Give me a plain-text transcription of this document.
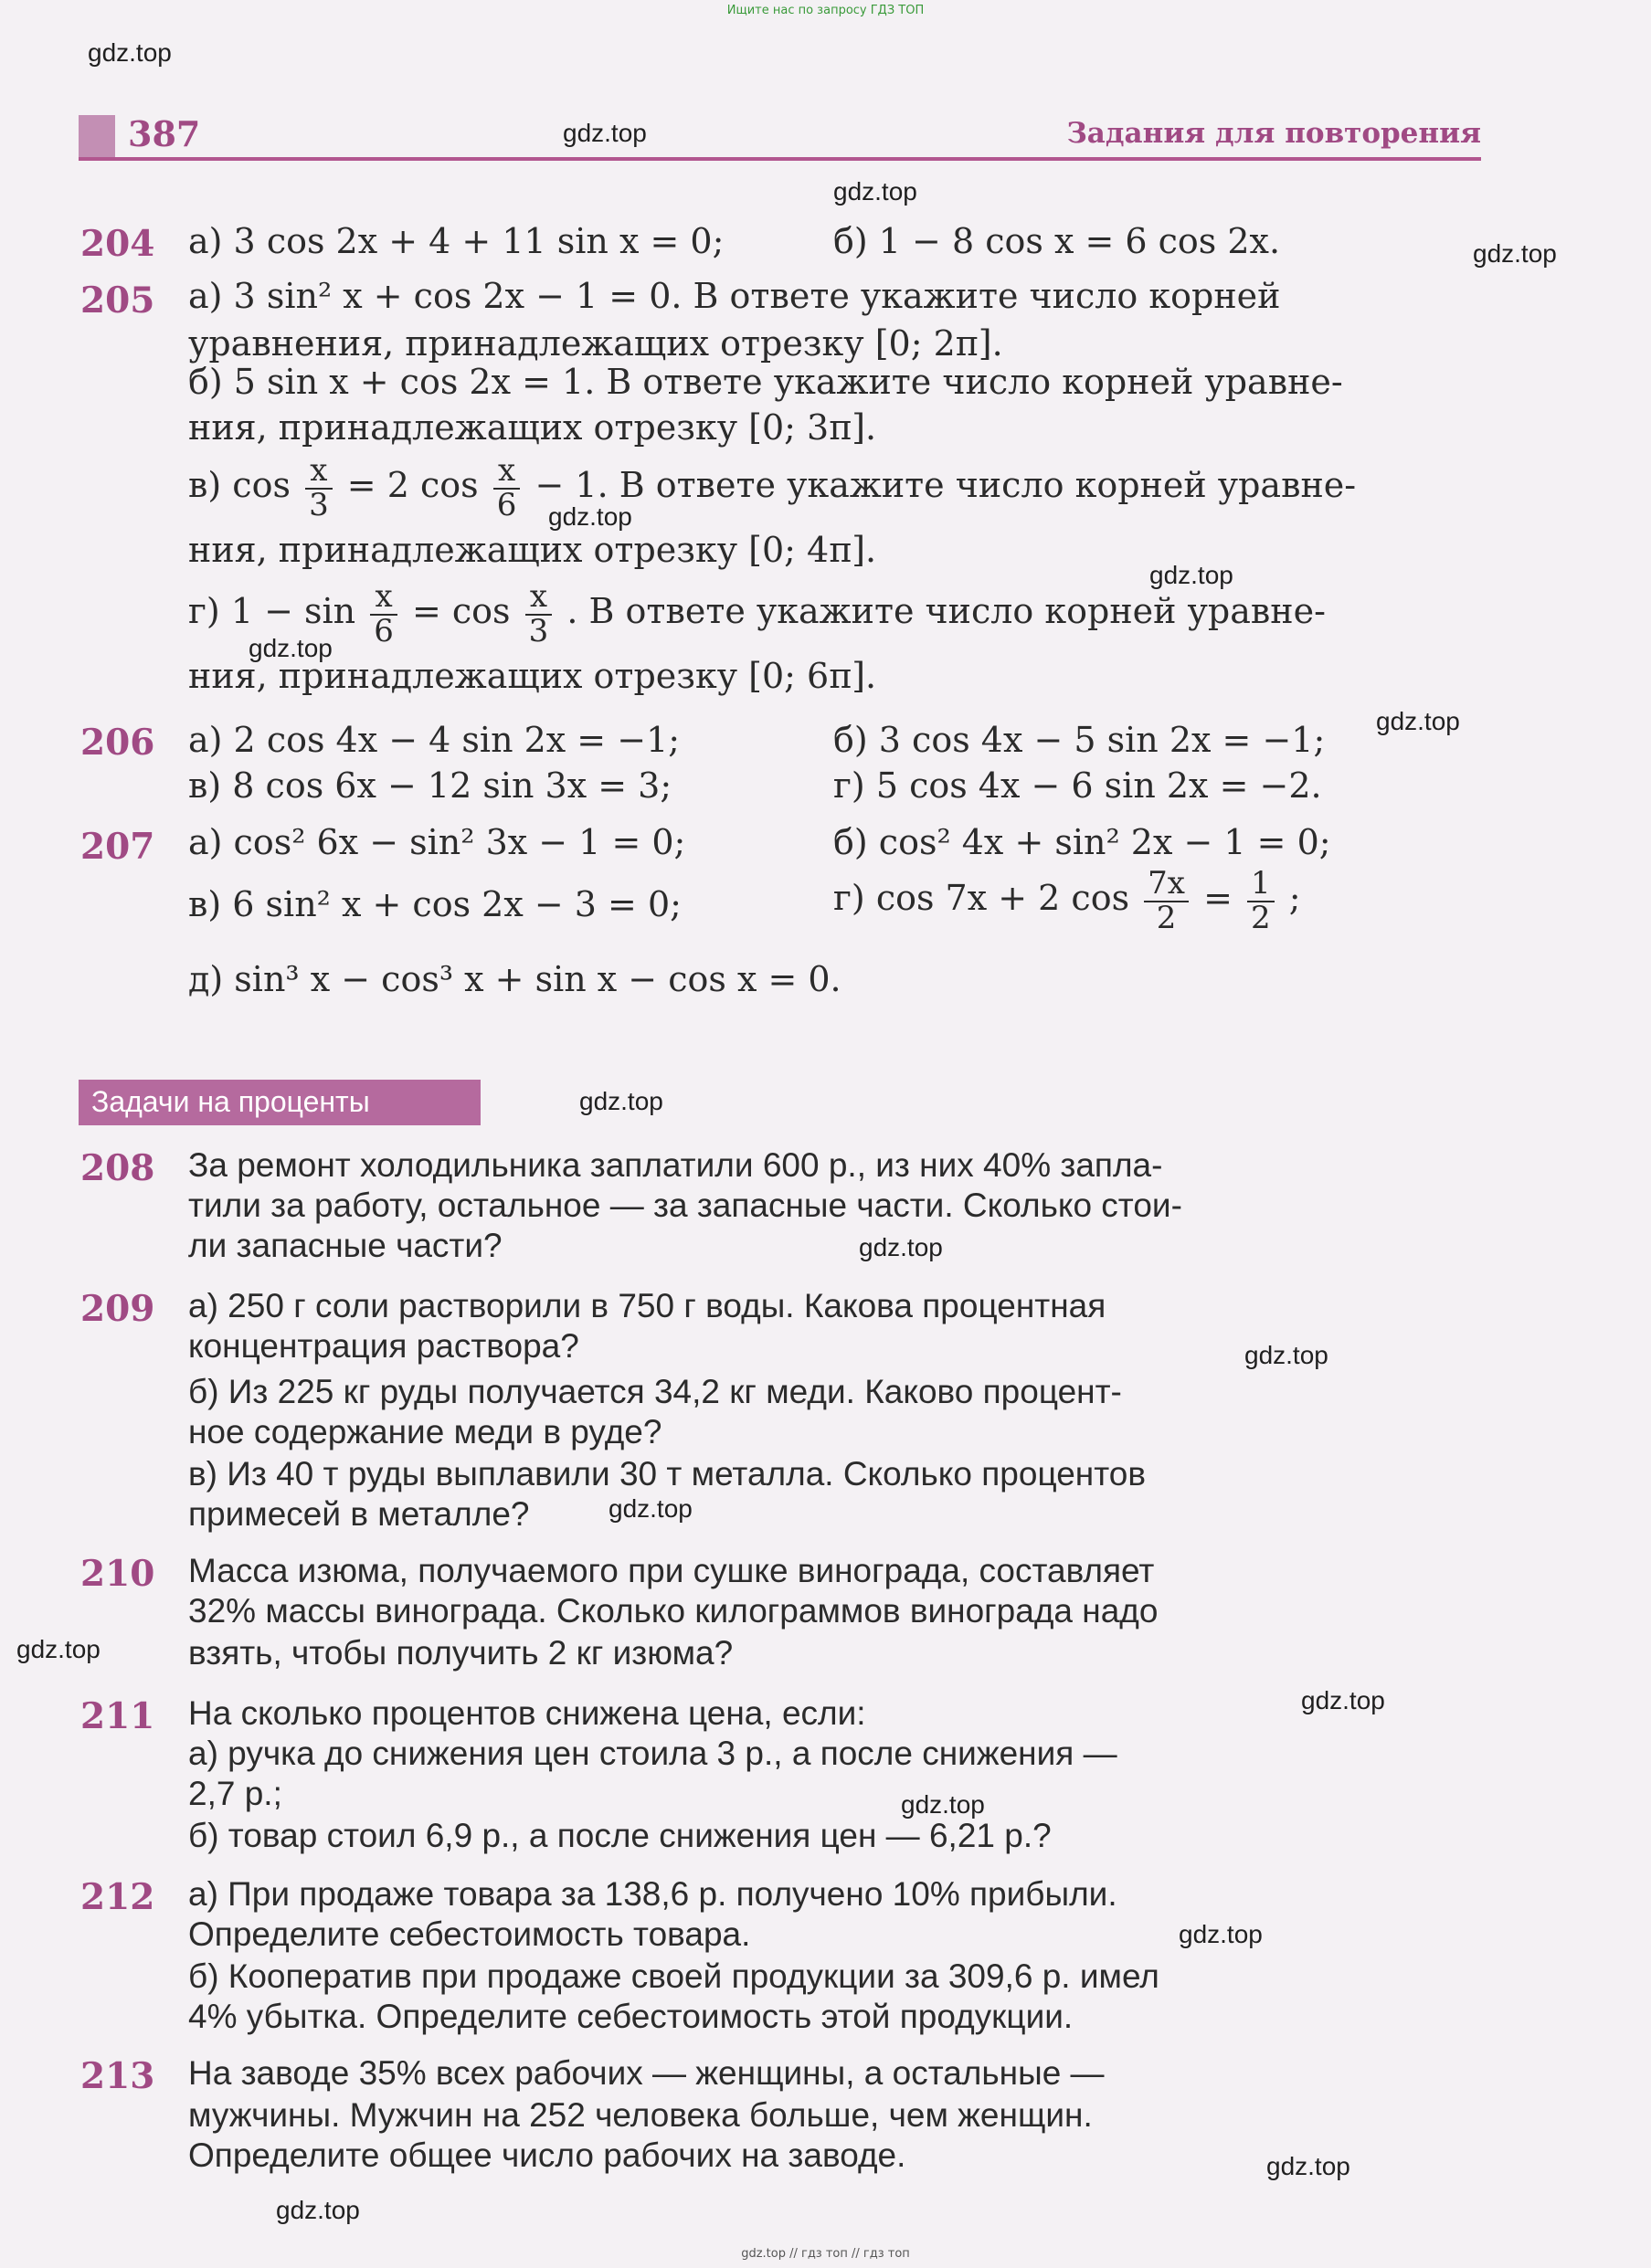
Ищите нас по запросу ГДЗ ТОП
387	Задания для повторения
204 а) 3 cos 2x + 4 + 11 sin x = 0;	б) 1 − 8 cos x = 6 cos 2x.
205 а) 3 sin² x + cos 2x − 1 = 0. В ответе укажите число корней
уравнения, принадлежащих отрезку [0; 2π].
б) 5 sin x + cos 2x = 1. В ответе укажите число корней уравне-
ния, принадлежащих отрезку [0; 3π].
в) $\cos \frac{x}{3} = 2$ $\cos \frac{x}{6} - 1$. В ответе укажите число корней уравне-
ния, принадлежащих отрезку [0; 4π].
г) $1 - \sin \frac{x}{6} = \cos \frac{x}{3}$ . В ответе укажите число корней уравне-
ния, принадлежащих отрезку [0; 6π].
206 а) 2 cos 4x − 4 sin 2x = −1;	б) 3 cos 4x − 5 sin 2x = −1;
в) 8 cos 6x − 12 sin 3x = 3;	г) 5 cos 4x − 6 sin 2x = −2.
207 а) cos² 6x − sin² 3x − 1 = 0;	б) cos² 4x + sin² 2x − 1 = 0;
в) 6 sin² x + cos 2x − 3 = 0;	г) cos 7x + 2 $\cos \frac{7x}{2} = \frac{1}{2}$ ;
д) sin³ x − cos³ x + sin x − cos x = 0.
Задачи на проценты
208 За ремонт холодильника заплатили 600 р., из них 40% запла-
тили за работу, остальное — за запасные части. Сколько стои-
ли запасные части?
209 а) 250 г соли растворили в 750 г воды. Какова процентная
концентрация раствора?
б) Из 225 кг руды получается 34,2 кг меди. Каково процент-
ное содержание меди в руде?
в) Из 40 т руды выплавили 30 т металла. Сколько процентов
примесей в металле?
210 Масса изюма, получаемого при сушке винограда, составляет
32% массы винограда. Сколько килограммов винограда надо
взять, чтобы получить 2 кг изюма?
211 На сколько процентов снижена цена, если:
а) ручка до снижения цен стоила 3 р., а после снижения —
2,7 р.;
б) товар стоил 6,9 р., а после снижения цен — 6,21 р.?
212 а) При продаже товара за 138,6 р. получено 10% прибыли.
Определите себестоимость товара.
б) Кооператив при продаже своей продукции за 309,6 р. имел
4% убытка. Определите себестоимость этой продукции.
213 На заводе 35% всех рабочих — женщины, а остальные —
мужчины. Мужчин на 252 человека больше, чем женщин.
Определите общее число рабочих на заводе.
gdz.top
gdz.top
gdz.top
gdz.top
gdz.top
gdz.top
gdz.top
gdz.top
gdz.top
gdz.top
gdz.top
gdz.top
gdz.top
gdz.top
gdz.top
gdz.top
gdz.top
gdz.top
gdz.top // гдз топ // гдз топ
